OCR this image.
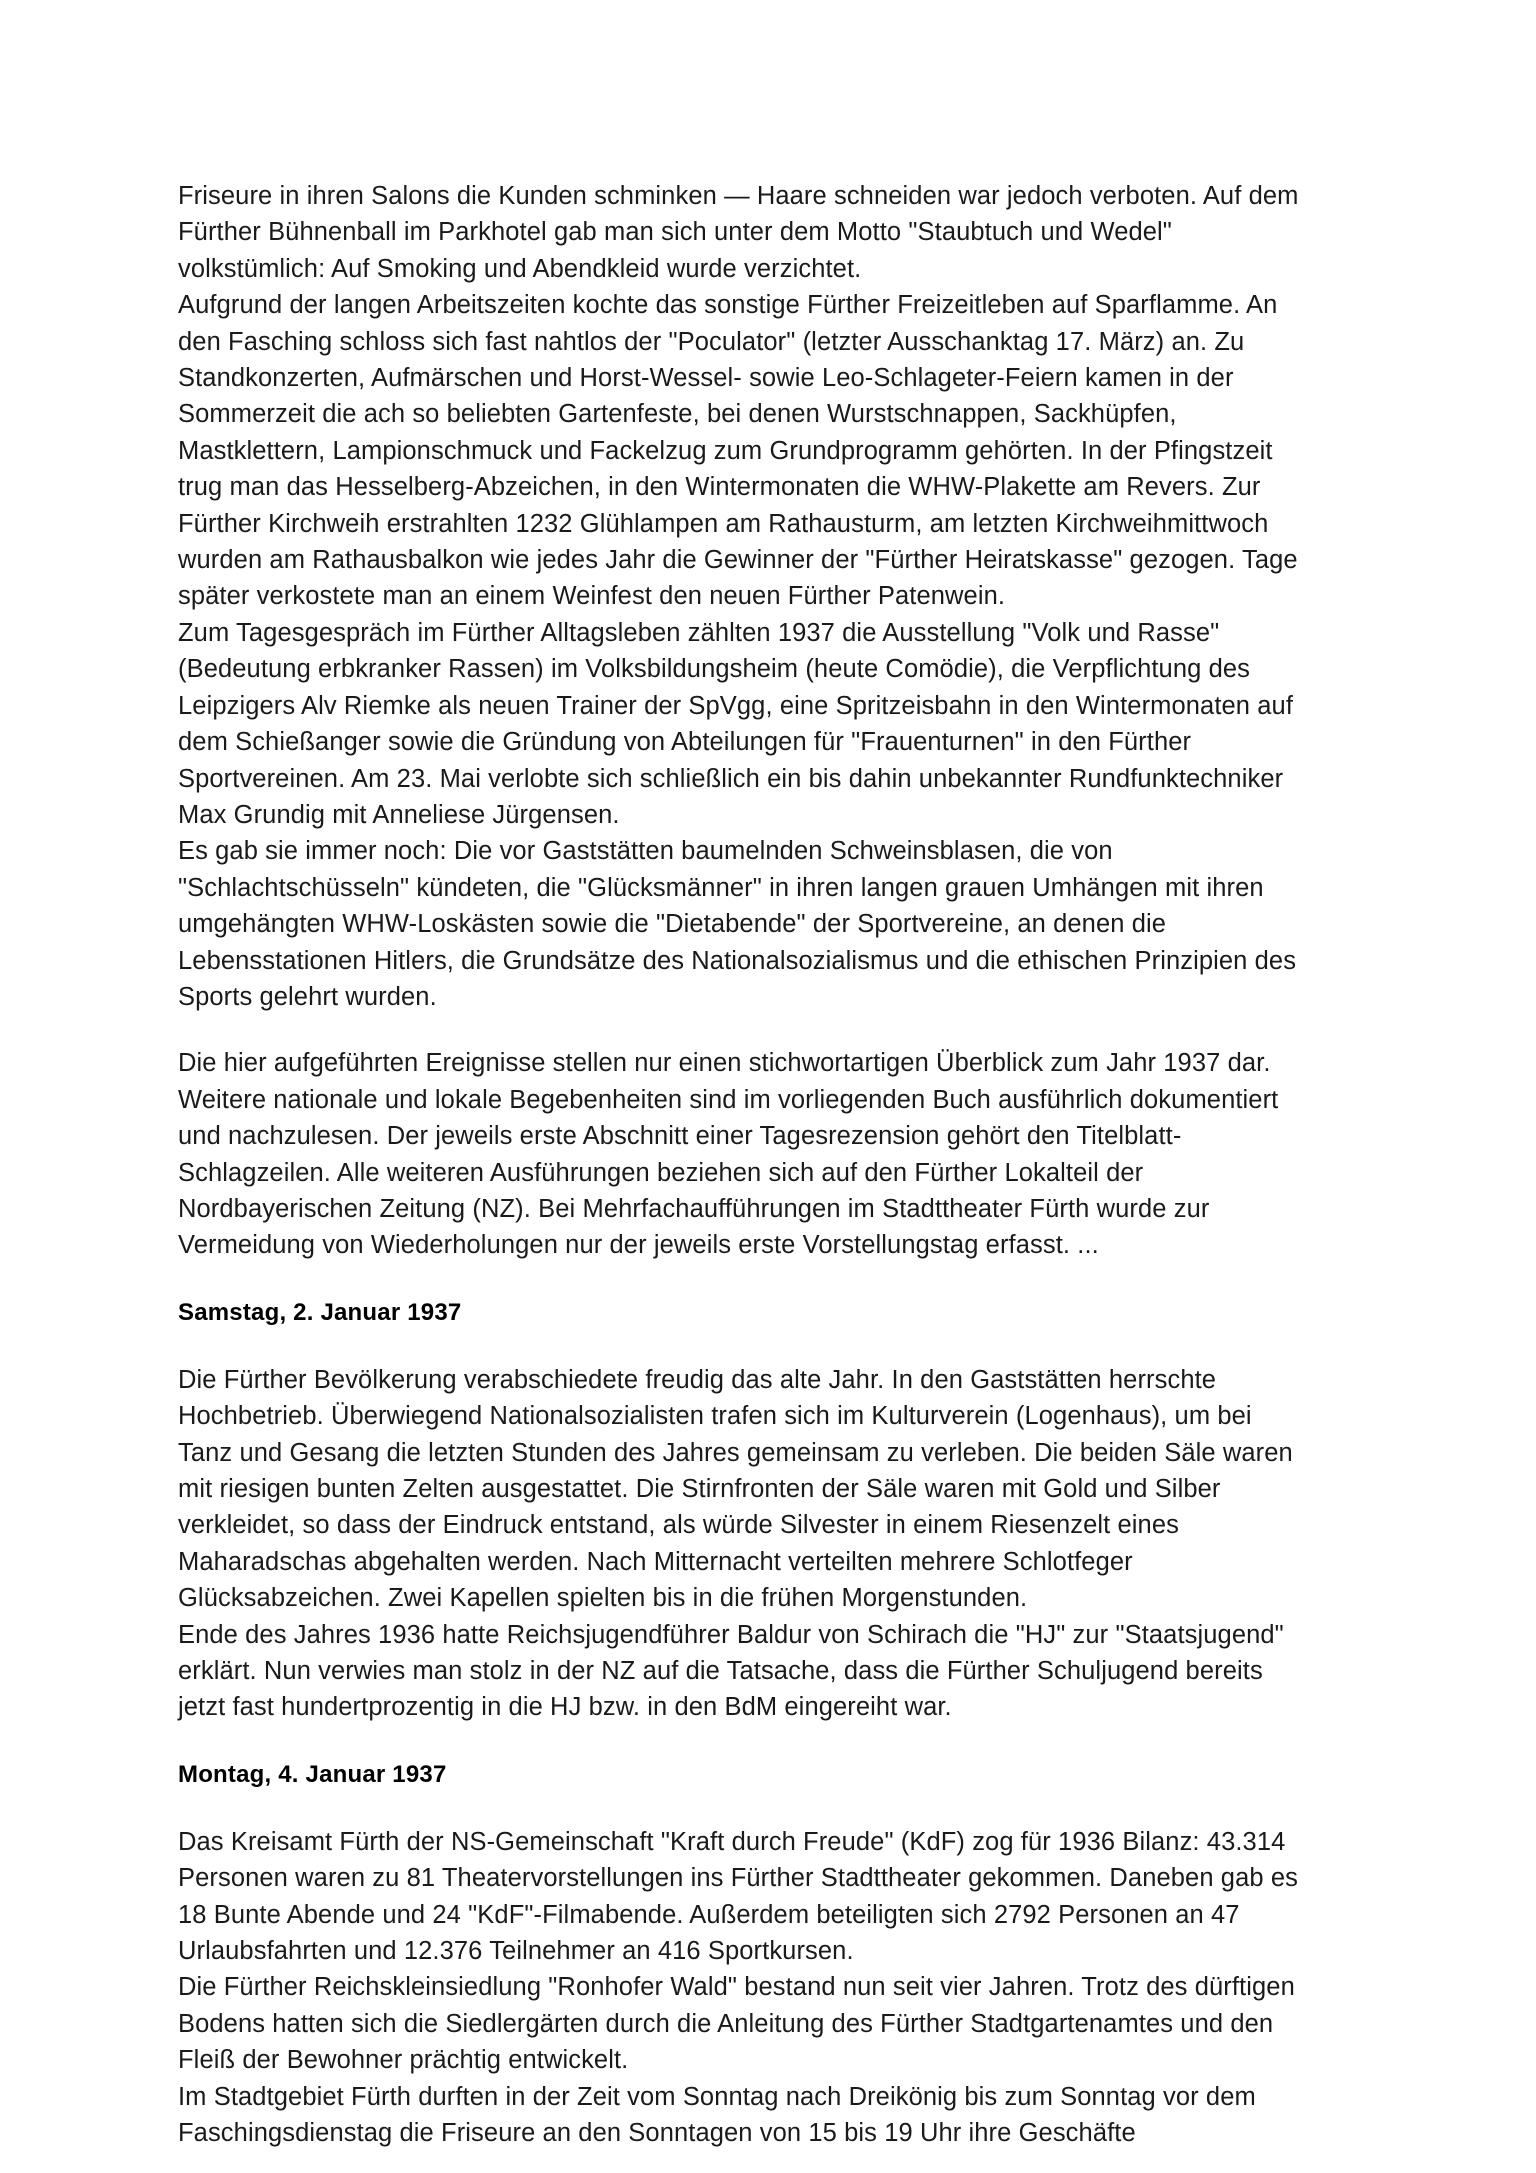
Friseure in ihren Salons die Kunden schminken — Haare schneiden war jedoch verboten. Auf dem Fürther Bühnenball im Parkhotel gab man sich unter dem Motto "Staubtuch und Wedel" volkstümlich: Auf Smoking und Abendkleid wurde verzichtet.

Aufgrund der langen Arbeitszeiten kochte das sonstige Fürther Freizeitleben auf Sparflamme. An den Fasching schloss sich fast nahtlos der "Poculator" (letzter Ausschanktag 17. März) an. Zu Standkonzerten, Aufmärschen und Horst-Wessel- sowie Leo-Schlageter-Feiern kamen in der Sommerzeit die ach so beliebten Gartenfeste, bei denen Wurstschnappen, Sackhüpfen, Mastklettern, Lampionschmuck und Fackelzug zum Grundprogramm gehörten. In der Pfingstzeit trug man das Hesselberg-Abzeichen, in den Wintermonaten die WHW-Plakette am Revers. Zur Fürther Kirchweih erstrahlten 1232 Glühlampen am Rathausturm, am letzten Kirchweihmittwoch wurden am Rathausbalkon wie jedes Jahr die Gewinner der "Fürther Heiratskasse" gezogen. Tage später verkostete man an einem Weinfest den neuen Fürther Patenwein.

Zum Tagesgespräch im Fürther Alltagsleben zählten 1937 die Ausstellung "Volk und Rasse" (Bedeutung erbkranker Rassen) im Volksbildungsheim (heute Comödie), die Verpflichtung des Leipzigers Alv Riemke als neuen Trainer der SpVgg, eine Spritzeisbahn in den Wintermonaten auf dem Schießanger sowie die Gründung von Abteilungen für "Frauenturnen" in den Fürther Sportvereinen. Am 23. Mai verlobte sich schließlich ein bis dahin unbekannter Rundfunktechniker Max Grundig mit Anneliese Jürgensen.

Es gab sie immer noch: Die vor Gaststätten baumelnden Schweinsblasen, die von "Schlachtschüsseln" kündeten, die "Glücksmänner" in ihren langen grauen Umhängen mit ihren umgehängten WHW-Loskästen sowie die "Dietabende" der Sportvereine, an denen die Lebensstationen Hitlers, die Grundsätze des Nationalsozialismus und die ethischen Prinzipien des Sports gelehrt wurden.

Die hier aufgeführten Ereignisse stellen nur einen stichwortartigen Überblick zum Jahr 1937 dar. Weitere nationale und lokale Begebenheiten sind im vorliegenden Buch ausführlich dokumentiert und nachzulesen. Der jeweils erste Abschnitt einer Tagesrezension gehört den Titelblatt-Schlagzeilen. Alle weiteren Ausführungen beziehen sich auf den Fürther Lokalteil der Nordbayerischen Zeitung (NZ). Bei Mehrfachaufführungen im Stadttheater Fürth wurde zur Vermeidung von Wiederholungen nur der jeweils erste Vorstellungstag erfasst. ...

Samstag, 2. Januar 1937

Die Fürther Bevölkerung verabschiedete freudig das alte Jahr. In den Gaststätten herrschte Hochbetrieb. Überwiegend Nationalsozialisten trafen sich im Kulturverein (Logenhaus), um bei Tanz und Gesang die letzten Stunden des Jahres gemeinsam zu verleben. Die beiden Säle waren mit riesigen bunten Zelten ausgestattet. Die Stirnfronten der Säle waren mit Gold und Silber verkleidet, so dass der Eindruck entstand, als würde Silvester in einem Riesenzelt eines Maharadschas abgehalten werden. Nach Mitternacht verteilten mehrere Schlotfeger Glücksabzeichen. Zwei Kapellen spielten bis in die frühen Morgenstunden.

Ende des Jahres 1936 hatte Reichsjugendführer Baldur von Schirach die "HJ" zur "Staatsjugend" erklärt. Nun verwies man stolz in der NZ auf die Tatsache, dass die Fürther Schuljugend bereits jetzt fast hundertprozentig in die HJ bzw. in den BdM eingereiht war.

Montag, 4. Januar 1937

Das Kreisamt Fürth der NS-Gemeinschaft "Kraft durch Freude" (KdF) zog für 1936 Bilanz: 43.314 Personen waren zu 81 Theatervorstellungen ins Fürther Stadttheater gekommen. Daneben gab es 18 Bunte Abende und 24 "KdF"-Filmabende. Außerdem beteiligten sich 2792 Personen an 47 Urlaubsfahrten und 12.376 Teilnehmer an 416 Sportkursen.

Die Fürther Reichskleinsiedlung "Ronhofer Wald" bestand nun seit vier Jahren. Trotz des dürftigen Bodens hatten sich die Siedlergärten durch die Anleitung des Fürther Stadtgartenamtes und den Fleiß der Bewohner prächtig entwickelt.

Im Stadtgebiet Fürth durften in der Zeit vom Sonntag nach Dreikönig bis zum Sonntag vor dem Faschingsdienstag die Friseure an den Sonntagen von 15 bis 19 Uhr ihre Geschäfte
